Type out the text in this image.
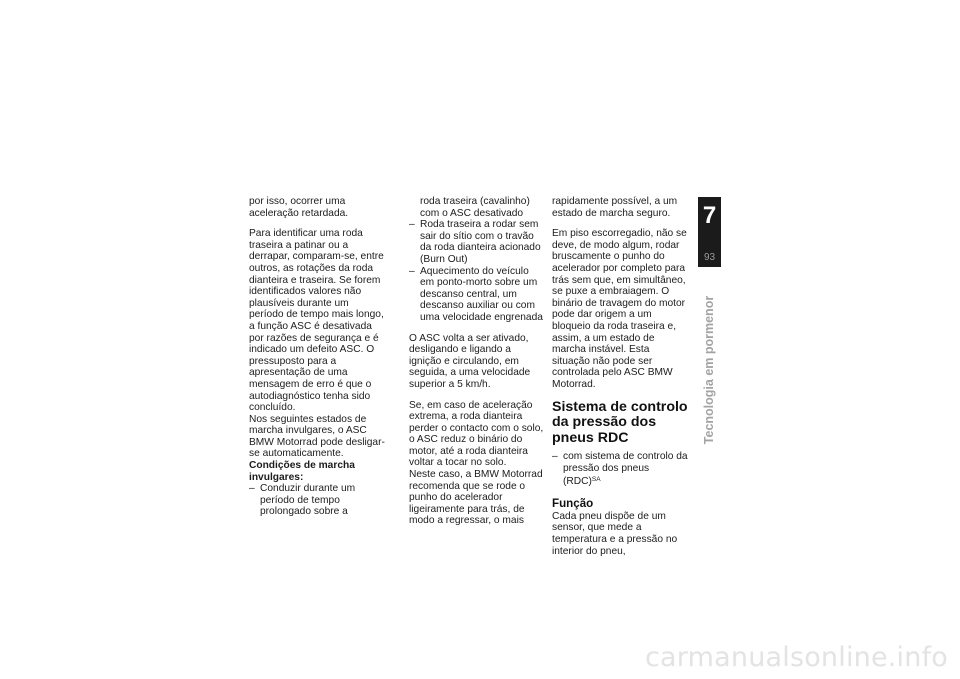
por isso, ocorrer uma aceleração retardada.

Para identificar uma roda traseira a patinar ou a derrapar, comparam-se, entre outros, as rotações da roda dianteira e traseira. Se forem identificados valores não plausíveis durante um período de tempo mais longo, a função ASC é desativada por razões de segurança e é indicado um defeito ASC. O pressuposto para a apresentação de uma mensagem de erro é que o autodiagnóstico tenha sido concluído.

Nos seguintes estados de marcha invulgares, o ASC BMW Motorrad pode desligar-se automaticamente.

Condições de marcha invulgares:
– Conduzir durante um período de tempo prolongado sobre a
roda traseira (cavalinho) com o ASC desativado
– Roda traseira a rodar sem sair do sítio com o travão da roda dianteira acionado (Burn Out)
– Aquecimento do veículo em ponto-morto sobre um descanso central, um descanso auxiliar ou com uma velocidade engrenada

O ASC volta a ser ativado, desligando e ligando a ignição e circulando, em seguida, a uma velocidade superior a 5 km/h.

Se, em caso de aceleração extrema, a roda dianteira perder o contacto com o solo, o ASC reduz o binário do motor, até a roda dianteira voltar a tocar no solo.

Neste caso, a BMW Motorrad recomenda que se rode o punho do acelerador ligeiramente para trás, de modo a regressar, o mais

rapidamente possível, a um estado de marcha seguro.

Em piso escorregadio, não se deve, de modo algum, rodar bruscamente o punho do acelerador por completo para trás sem que, em simultâneo, se puxe a embraiagem. O binário de travagem do motor pode dar origem a um bloqueio da roda traseira e, assim, a um estado de marcha instável. Esta situação não pode ser controlada pelo ASC BMW Motorrad.

Sistema de controlo da pressão dos pneus RDC
– com sistema de controlo da pressão dos pneus (RDC)$^{SA}$
Função

Cada pneu dispõe de um sensor, que mede a temperatura e a pressão no interior do pneu,

7
93
Tecnologia em pormenor
carmanualsonline.info
